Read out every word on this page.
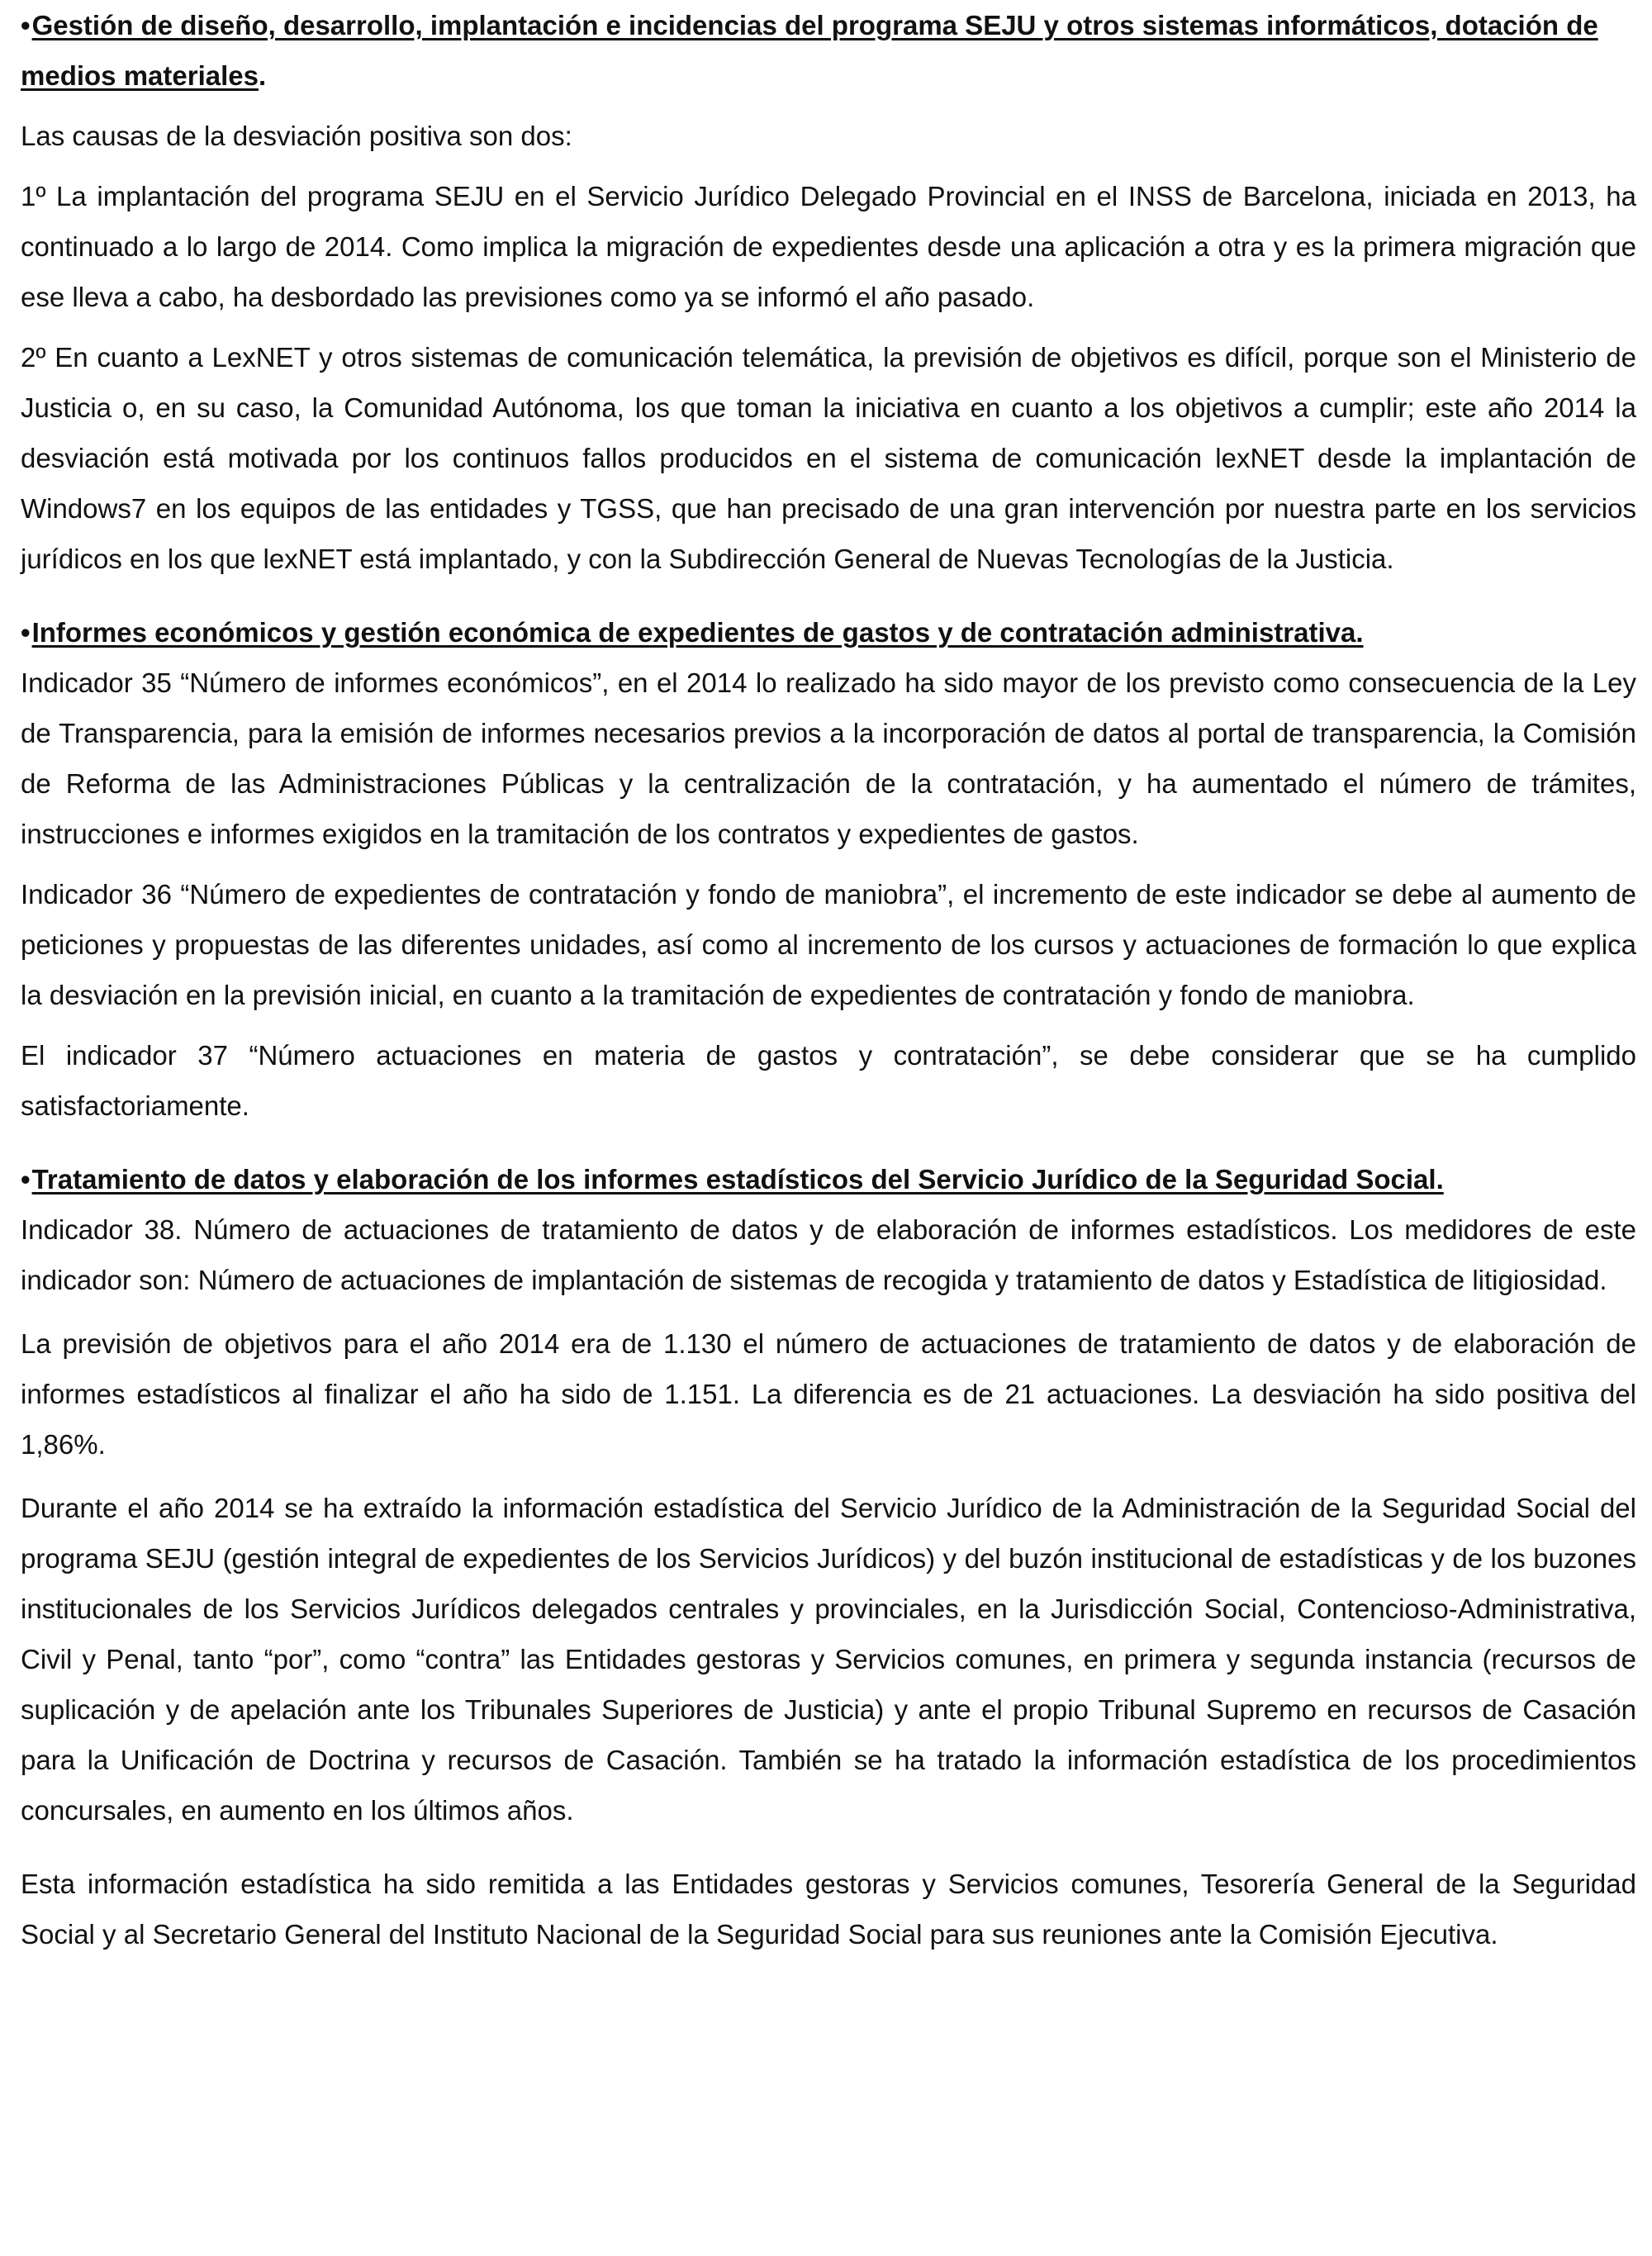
•Gestión de diseño, desarrollo, implantación e incidencias del programa SEJU y otros sistemas informáticos, dotación de medios materiales.

Las causas de la desviación positiva son dos:

1º La implantación del programa SEJU en el Servicio Jurídico Delegado Provincial en el INSS de Barcelona, iniciada en 2013, ha continuado a lo largo de 2014. Como implica la migración de expedientes desde una aplicación a otra y es la primera migración que ese lleva a cabo, ha desbordado las previsiones como ya se informó el año pasado.

2º En cuanto a LexNET y otros sistemas de comunicación telemática, la previsión de objetivos es difícil, porque son el Ministerio de Justicia o, en su caso, la Comunidad Autónoma, los que toman la iniciativa en cuanto a los objetivos a cumplir; este año 2014 la desviación está motivada por los continuos fallos producidos en el sistema de comunicación lexNET desde la implantación de Windows7 en los equipos de las entidades y TGSS, que han precisado de una gran intervención por nuestra parte en los servicios jurídicos en los que lexNET está implantado, y con la Subdirección General de Nuevas Tecnologías de la Justicia.

•Informes económicos y gestión económica de expedientes de gastos y de contratación administrativa.

Indicador 35 “Número de informes económicos”, en el 2014 lo realizado ha sido mayor de los previsto como consecuencia de la Ley de Transparencia, para la emisión de informes necesarios previos a la incorporación de datos al portal de transparencia, la Comisión de Reforma de las Administraciones Públicas y la centralización de la contratación, y ha aumentado el número de trámites, instrucciones e informes exigidos en la tramitación de los contratos y expedientes de gastos.

Indicador 36 “Número de expedientes de contratación y fondo de maniobra”, el incremento de este indicador se debe al aumento de peticiones y propuestas de las diferentes unidades, así como al incremento de los cursos y actuaciones de formación lo que explica la desviación en la previsión inicial, en cuanto a la tramitación de expedientes de contratación y fondo de maniobra.

El indicador 37 “Número actuaciones en materia de gastos y contratación”, se debe considerar que se ha cumplido satisfactoriamente.

•Tratamiento de datos y elaboración de los informes estadísticos del Servicio Jurídico de la Seguridad Social.

Indicador 38. Número de actuaciones de tratamiento de datos y de elaboración de informes estadísticos. Los medidores de este indicador son: Número de actuaciones de implantación de sistemas de recogida y tratamiento de datos y Estadística de litigiosidad.

La previsión de objetivos para el año 2014 era de 1.130 el número de actuaciones de tratamiento de datos y de elaboración de informes estadísticos al finalizar el año ha sido de 1.151. La diferencia es de 21 actuaciones. La desviación ha sido positiva del 1,86%.

Durante el año 2014 se ha extraído la información estadística del Servicio Jurídico de la Administración de la Seguridad Social del programa SEJU (gestión integral de expedientes de los Servicios Jurídicos) y del buzón institucional de estadísticas y de los buzones institucionales de los Servicios Jurídicos delegados centrales y provinciales, en la Jurisdicción Social, Contencioso-Administrativa, Civil y Penal, tanto “por”, como “contra” las Entidades gestoras y Servicios comunes, en primera y segunda instancia (recursos de suplicación y de apelación ante los Tribunales Superiores de Justicia) y ante el propio Tribunal Supremo en recursos de Casación para la Unificación de Doctrina y recursos de Casación. También se ha tratado la información estadística de los procedimientos concursales, en aumento en los últimos años.

Esta información estadística ha sido remitida a las Entidades gestoras y Servicios comunes, Tesorería General de la Seguridad Social y al Secretario General del Instituto Nacional de la Seguridad Social para sus reuniones ante la Comisión Ejecutiva.
